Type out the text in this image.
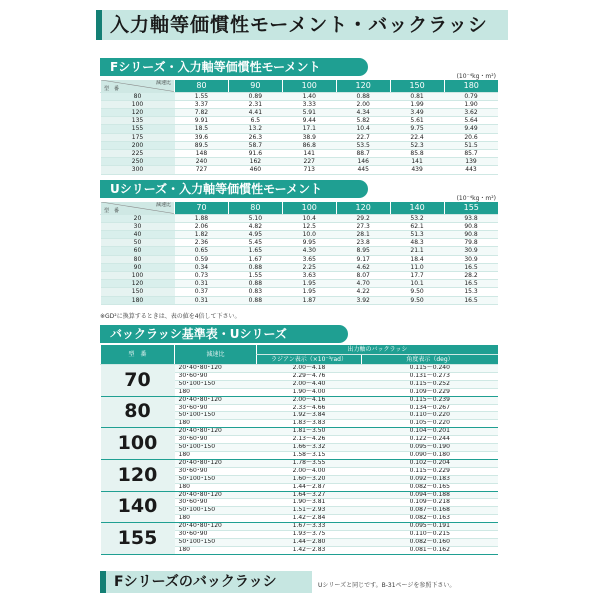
入力軸等価慣性モーメント・バックラッシ
Fシリーズ・入力軸等価慣性モーメント
(10⁻⁴kg・m²)
減速比
型　番	80	90	100	120	150	180
80	1.55	0.89	1.40	0.88	0.81	0.79
100	3.37	2.31	3.33	2.00	1.99	1.90
120	7.82	4.41	5.91	4.34	3.49	3.62
135	9.91	6.5	9.44	5.82	5.61	5.64
155	18.5	13.2	17.1	10.4	9.75	9.49
175	39.6	26.3	38.9	22.7	22.4	20.6
200	89.5	58.7	86.8	53.5	52.3	51.5
225	148	91.6	141	88.7	85.8	85.7
250	240	162	227	146	141	139
300	727	460	713	445	439	443
Uシリーズ・入力軸等価慣性モーメント
(10⁻⁴kg・m²)
減速比
型　番	70	80	100	120	140	155
20	1.88	5.10	10.4	29.2	53.2	93.8
30	2.06	4.82	12.5	27.3	62.1	90.8
40	1.82	4.95	10.0	28.1	51.3	90.8
50	2.36	5.45	9.95	23.8	48.3	79.8
60	0.65	1.65	4.30	8.95	21.1	30.9
80	0.59	1.67	3.65	9.17	18.4	30.9
90	0.34	0.88	2.25	4.62	11.0	16.5
100	0.73	1.55	3.63	8.07	17.7	28.2
120	0.31	0.88	1.95	4.70	10.1	16.5
150	0.37	0.83	1.95	4.22	9.50	15.3
180	0.31	0.88	1.87	3.92	9.50	16.5
※GD²に換算するときは、表の値を4倍して下さい。
バックラッシ基準表・Uシリーズ
型　番	減速比	出力軸のバックラッシ	
		ラジアン表示（×10⁻³rad）	角度表示（deg）
70	20･40･80･120	2.00〜4.18	0.115〜0.240
	30･60･90	2.29〜4.76	0.131〜0.273
	50･100･150	2.00〜4.40	0.115〜0.252
	180	1.90〜4.00	0.109〜0.229
80	20･40･80･120	2.00〜4.16	0.115〜0.239
	30･60･90	2.33〜4.66	0.134〜0.267
	50･100･150	1.92〜3.84	0.110〜0.220
	180	1.83〜3.83	0.105〜0.220
100	20･40･80･120	1.81〜3.50	0.104〜0.201
	30･60･90	2.13〜4.26	0.122〜0.244
	50･100･150	1.66〜3.32	0.095〜0.190
	180	1.58〜3.15	0.090〜0.180
120	20･40･80･120	1.78〜3.55	0.102〜0.204
	30･60･90	2.00〜4.00	0.115〜0.229
	50･100･150	1.60〜3.20	0.092〜0.183
	180	1.44〜2.87	0.082〜0.165
140	20･40･80･120	1.64〜3.27	0.094〜0.188
	30･60･90	1.90〜3.81	0.109〜0.218
	50･100･150	1.51〜2.93	0.087〜0.168
	180	1.42〜2.84	0.082〜0.163
155	20･40･80･120	1.67〜3.33	0.095〜0.191
	30･60･90	1.93〜3.75	0.110〜0.215
	50･100･150	1.44〜2.80	0.082〜0.160
	180	1.42〜2.83	0.081〜0.162
Fシリーズのバックラッシ	Uシリーズと同じです。B-31ページを参照下さい。
